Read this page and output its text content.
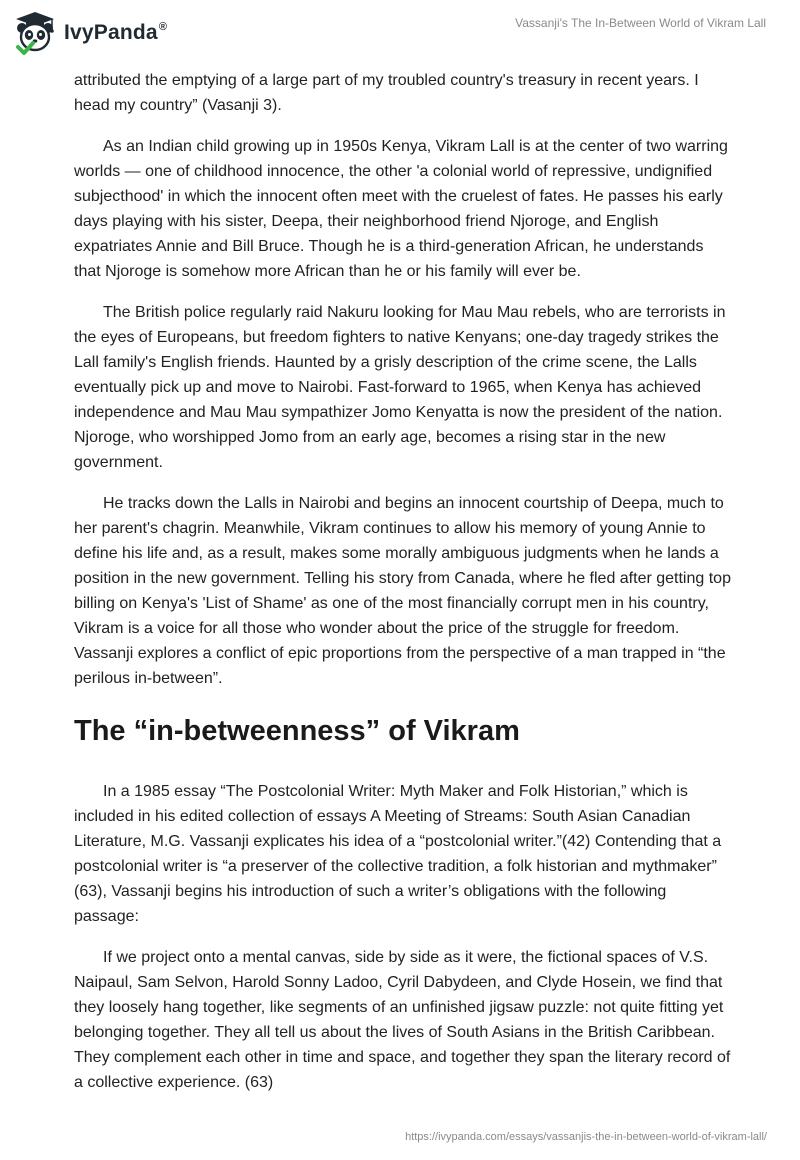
IvyPanda®	Vassanji's The In-Between World of Vikram Lall

attributed the emptying of a large part of my troubled country's treasury in recent years. I head my country” (Vasanji 3).

As an Indian child growing up in 1950s Kenya, Vikram Lall is at the center of two warring worlds — one of childhood innocence, the other 'a colonial world of repressive, undignified subjecthood' in which the innocent often meet with the cruelest of fates. He passes his early days playing with his sister, Deepa, their neighborhood friend Njoroge, and English expatriates Annie and Bill Bruce. Though he is a third-generation African, he understands that Njoroge is somehow more African than he or his family will ever be.

The British police regularly raid Nakuru looking for Mau Mau rebels, who are terrorists in the eyes of Europeans, but freedom fighters to native Kenyans; one-day tragedy strikes the Lall family's English friends. Haunted by a grisly description of the crime scene, the Lalls eventually pick up and move to Nairobi. Fast-forward to 1965, when Kenya has achieved independence and Mau Mau sympathizer Jomo Kenyatta is now the president of the nation. Njoroge, who worshipped Jomo from an early age, becomes a rising star in the new government.

He tracks down the Lalls in Nairobi and begins an innocent courtship of Deepa, much to her parent's chagrin. Meanwhile, Vikram continues to allow his memory of young Annie to define his life and, as a result, makes some morally ambiguous judgments when he lands a position in the new government. Telling his story from Canada, where he fled after getting top billing on Kenya's 'List of Shame' as one of the most financially corrupt men in his country, Vikram is a voice for all those who wonder about the price of the struggle for freedom. Vassanji explores a conflict of epic proportions from the perspective of a man trapped in “the perilous in-between”.

The “in-betweenness” of Vikram

In a 1985 essay “The Postcolonial Writer: Myth Maker and Folk Historian,” which is included in his edited collection of essays A Meeting of Streams: South Asian Canadian Literature, M.G. Vassanji explicates his idea of a “postcolonial writer.”(42) Contending that a postcolonial writer is “a preserver of the collective tradition, a folk historian and mythmaker” (63), Vassanji begins his introduction of such a writer’s obligations with the following passage:

If we project onto a mental canvas, side by side as it were, the fictional spaces of V.S. Naipaul, Sam Selvon, Harold Sonny Ladoo, Cyril Dabydeen, and Clyde Hosein, we find that they loosely hang together, like segments of an unfinished jigsaw puzzle: not quite fitting yet belonging together. They all tell us about the lives of South Asians in the British Caribbean. They complement each other in time and space, and together they span the literary record of a collective experience. (63)

https://ivypanda.com/essays/vassanjis-the-in-between-world-of-vikram-lall/
